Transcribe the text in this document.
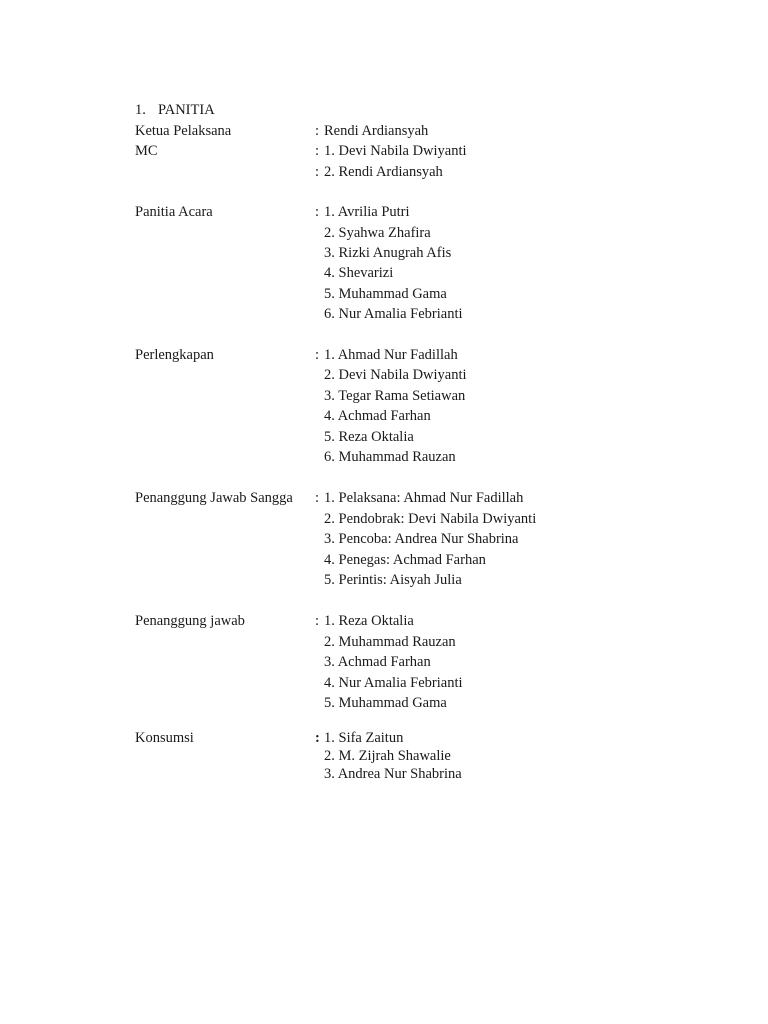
1. PANITIA
Ketua Pelaksana	: Rendi Ardiansyah
MC	: 1. Devi Nabila Dwiyanti
: 2. Rendi Ardiansyah
Panitia Acara	: 1. Avrilia Putri
2. Syahwa Zhafira
3. Rizki Anugrah Afis
4. Shevarizi
5. Muhammad Gama
6. Nur Amalia Febrianti
Perlengkapan	: 1. Ahmad Nur Fadillah
2. Devi Nabila Dwiyanti
3. Tegar Rama Setiawan
4. Achmad Farhan
5. Reza Oktalia
6. Muhammad Rauzan
Penanggung Jawab Sangga : 1. Pelaksana: Ahmad Nur Fadillah
2. Pendobrak: Devi Nabila Dwiyanti
3. Pencoba: Andrea Nur Shabrina
4. Penegas: Achmad Farhan
5. Perintis: Aisyah Julia
Penanggung jawab	: 1. Reza Oktalia
2. Muhammad Rauzan
3. Achmad Farhan
4. Nur Amalia Febrianti
5. Muhammad Gama
Konsumsi	: 1. Sifa Zaitun
2. M. Zijrah Shawalie
3. Andrea Nur Shabrina
